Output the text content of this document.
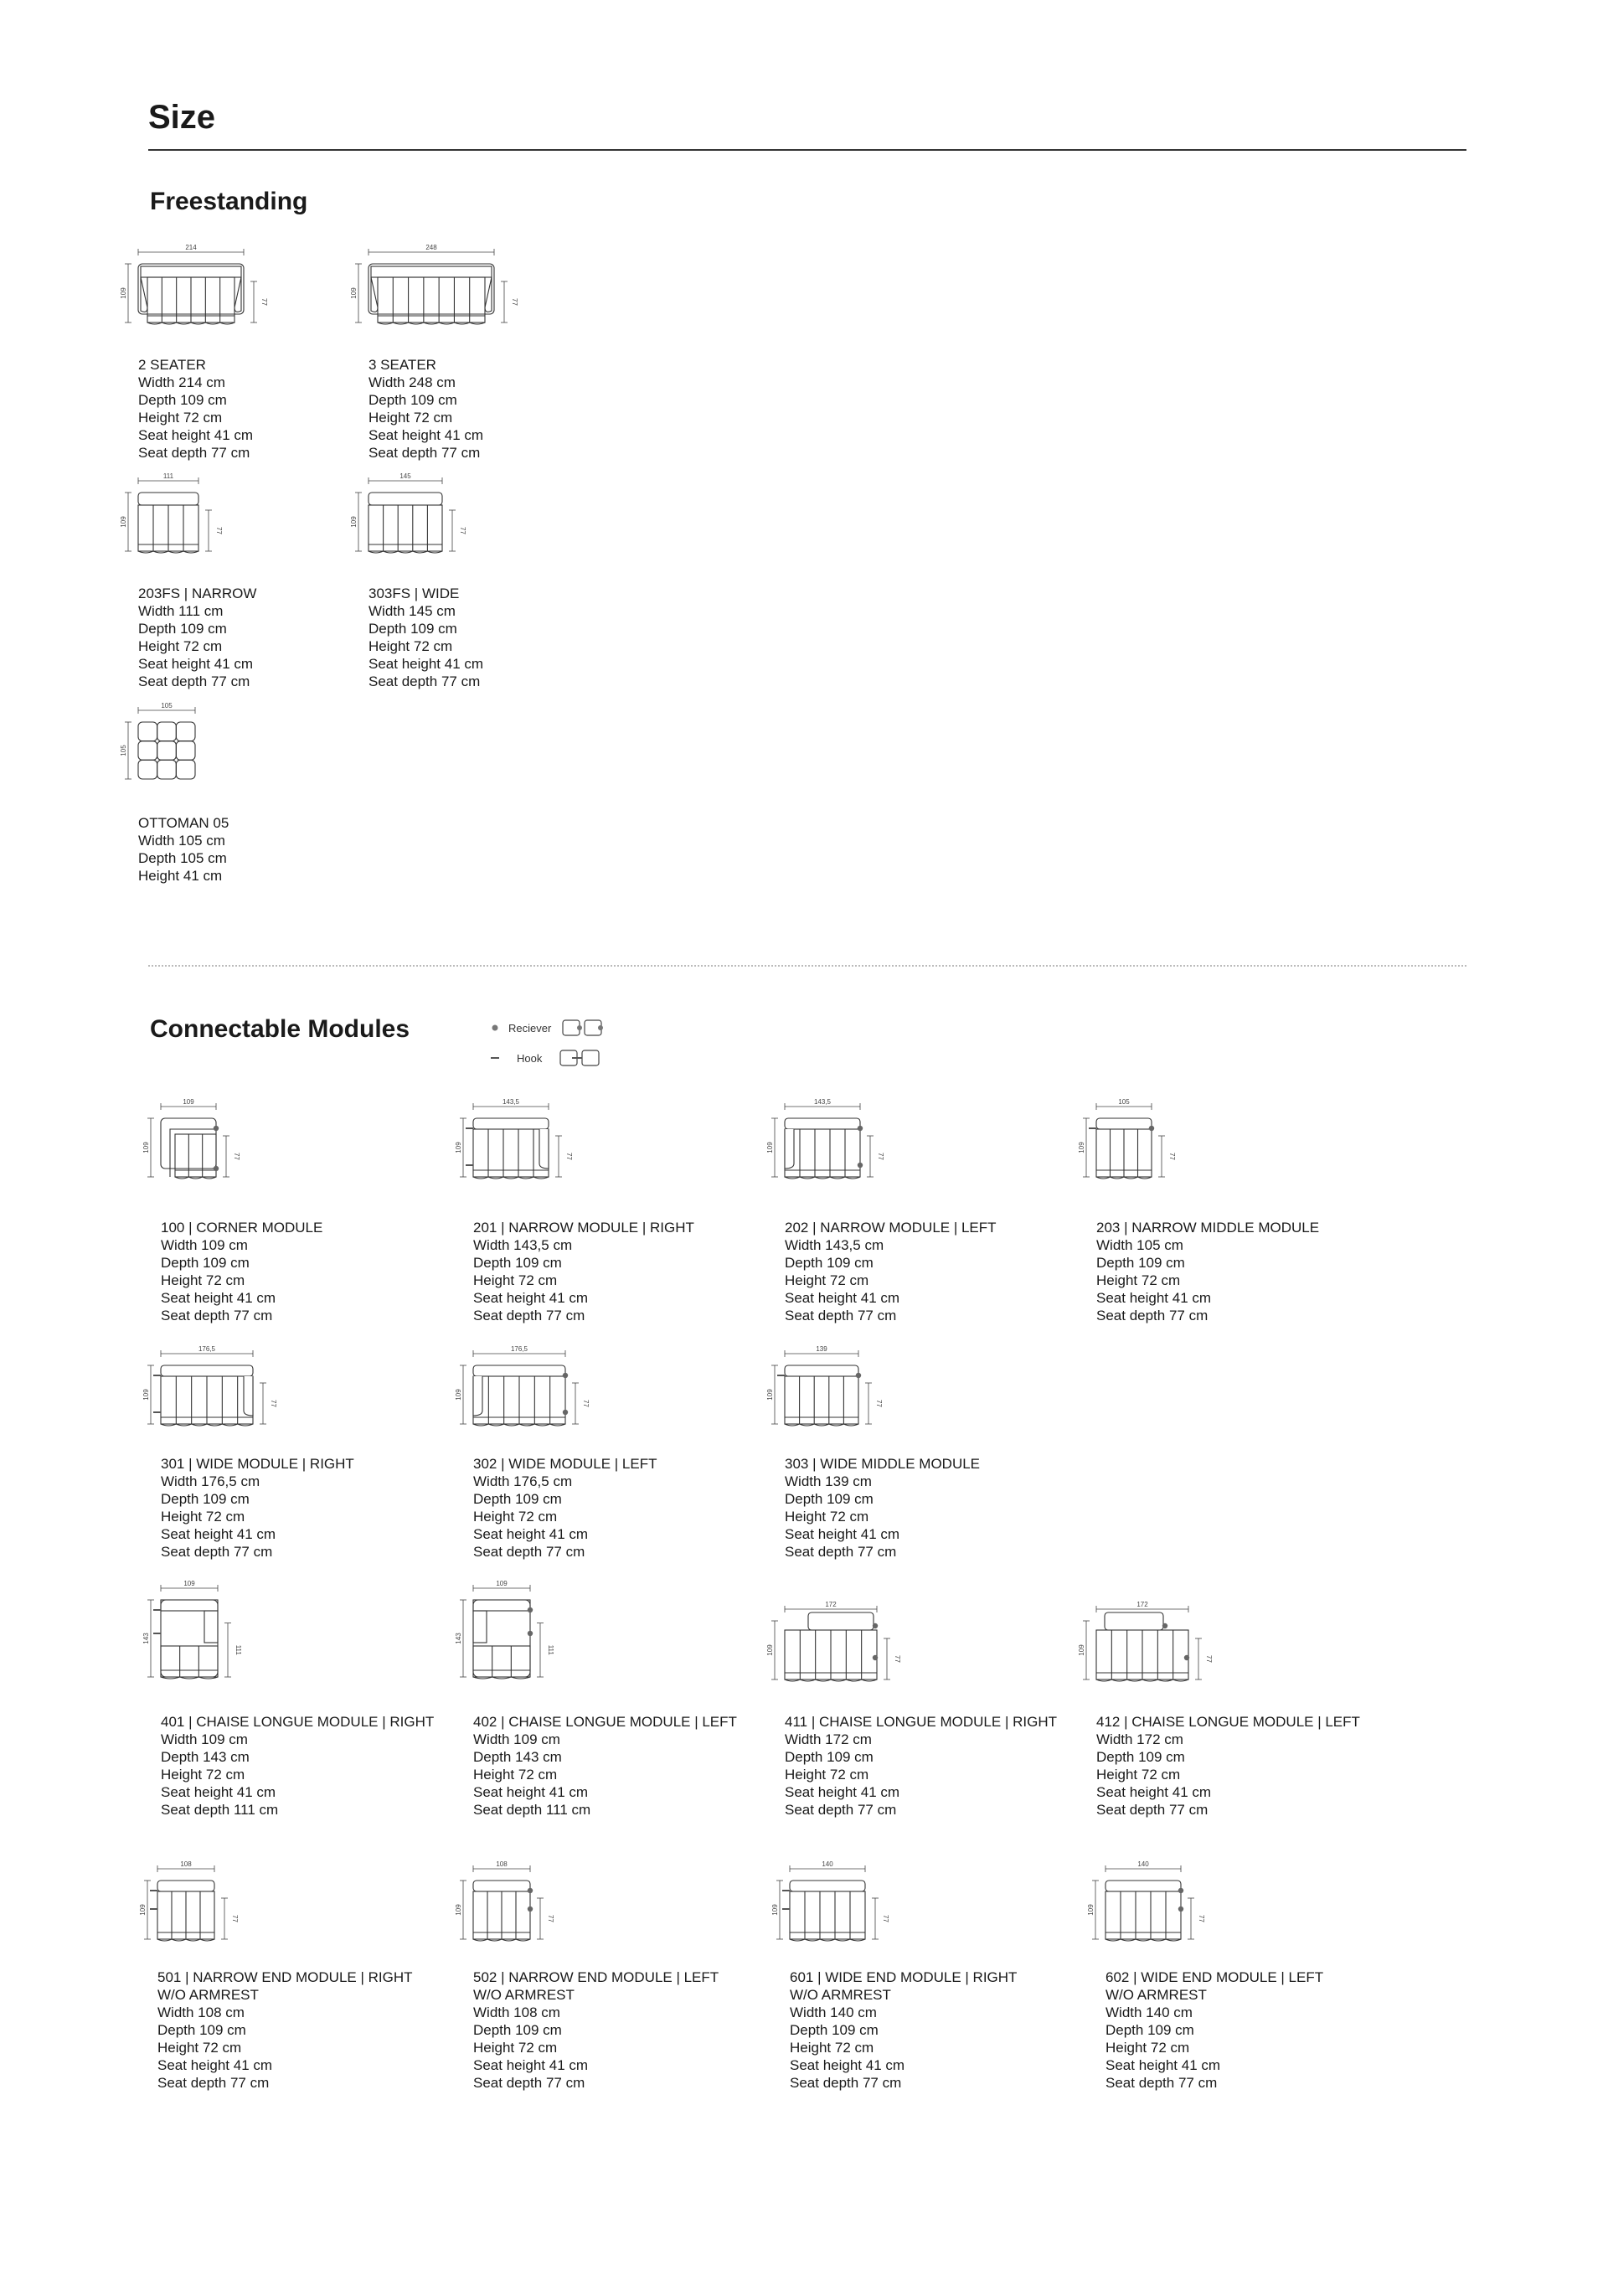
Size
Freestanding
Connectable Modules	Reciever
Hook
214
109
77
2 SEATER
Width 214 cm
Depth 109 cm
Height 72 cm
Seat height 41 cm
Seat depth 77 cm
248
109
77
3 SEATER
Width 248 cm
Depth 109 cm
Height 72 cm
Seat height 41 cm
Seat depth 77 cm
111
109
77
203FS | NARROW
Width 111 cm
Depth 109 cm
Height 72 cm
Seat height 41 cm
Seat depth 77 cm
145
109
77
303FS | WIDE
Width 145 cm
Depth 109 cm
Height 72 cm
Seat height 41 cm
Seat depth 77 cm
105
105
OTTOMAN 05
Width 105 cm
Depth 105 cm
Height 41 cm
109
109
77
100 | CORNER MODULE
Width 109 cm
Depth 109 cm
Height 72 cm
Seat height 41 cm
Seat depth 77 cm
143,5
109
77
201 | NARROW MODULE | RIGHT
Width 143,5 cm
Depth 109 cm
Height 72 cm
Seat height 41 cm
Seat depth 77 cm
143,5
109
77
202 | NARROW MODULE | LEFT
Width 143,5 cm
Depth 109 cm
Height 72 cm
Seat height 41 cm
Seat depth 77 cm
105
109
77
203 | NARROW MIDDLE MODULE
Width 105 cm
Depth 109 cm
Height 72 cm
Seat height 41 cm
Seat depth 77 cm
176,5
109
77
301 | WIDE MODULE | RIGHT
Width 176,5 cm
Depth 109 cm
Height 72 cm
Seat height 41 cm
Seat depth 77 cm
176,5
109
77
302 | WIDE MODULE | LEFT
Width 176,5 cm
Depth 109 cm
Height 72 cm
Seat height 41 cm
Seat depth 77 cm
139
109
77
303 | WIDE MIDDLE MODULE
Width 139 cm
Depth 109 cm
Height 72 cm
Seat height 41 cm
Seat depth 77 cm
109
143
111
401 | CHAISE LONGUE MODULE | RIGHT
Width 109 cm
Depth 143 cm
Height 72 cm
Seat height 41 cm
Seat depth 111 cm
109
143
111
402 | CHAISE LONGUE MODULE | LEFT
Width 109 cm
Depth 143 cm
Height 72 cm
Seat height 41 cm
Seat depth 111 cm
172
109
77
411 | CHAISE LONGUE MODULE | RIGHT
Width 172 cm
Depth 109 cm
Height 72 cm
Seat height 41 cm
Seat depth 77 cm
172
109
77
412 | CHAISE LONGUE MODULE | LEFT
Width 172 cm
Depth 109 cm
Height 72 cm
Seat height 41 cm
Seat depth 77 cm
108
109
77
501 | NARROW END MODULE | RIGHT
W/O ARMREST
Width 108 cm
Depth 109 cm
Height 72 cm
Seat height 41 cm
Seat depth 77 cm
108
109
77
502 | NARROW END MODULE | LEFT
W/O ARMREST
Width 108 cm
Depth 109 cm
Height 72 cm
Seat height 41 cm
Seat depth 77 cm
140
109
77
601 | WIDE END MODULE | RIGHT
W/O ARMREST
Width 140 cm
Depth 109 cm
Height 72 cm
Seat height 41 cm
Seat depth 77 cm
140
109
77
602 | WIDE END MODULE | LEFT
W/O ARMREST
Width 140 cm
Depth 109 cm
Height 72 cm
Seat height 41 cm
Seat depth 77 cm
